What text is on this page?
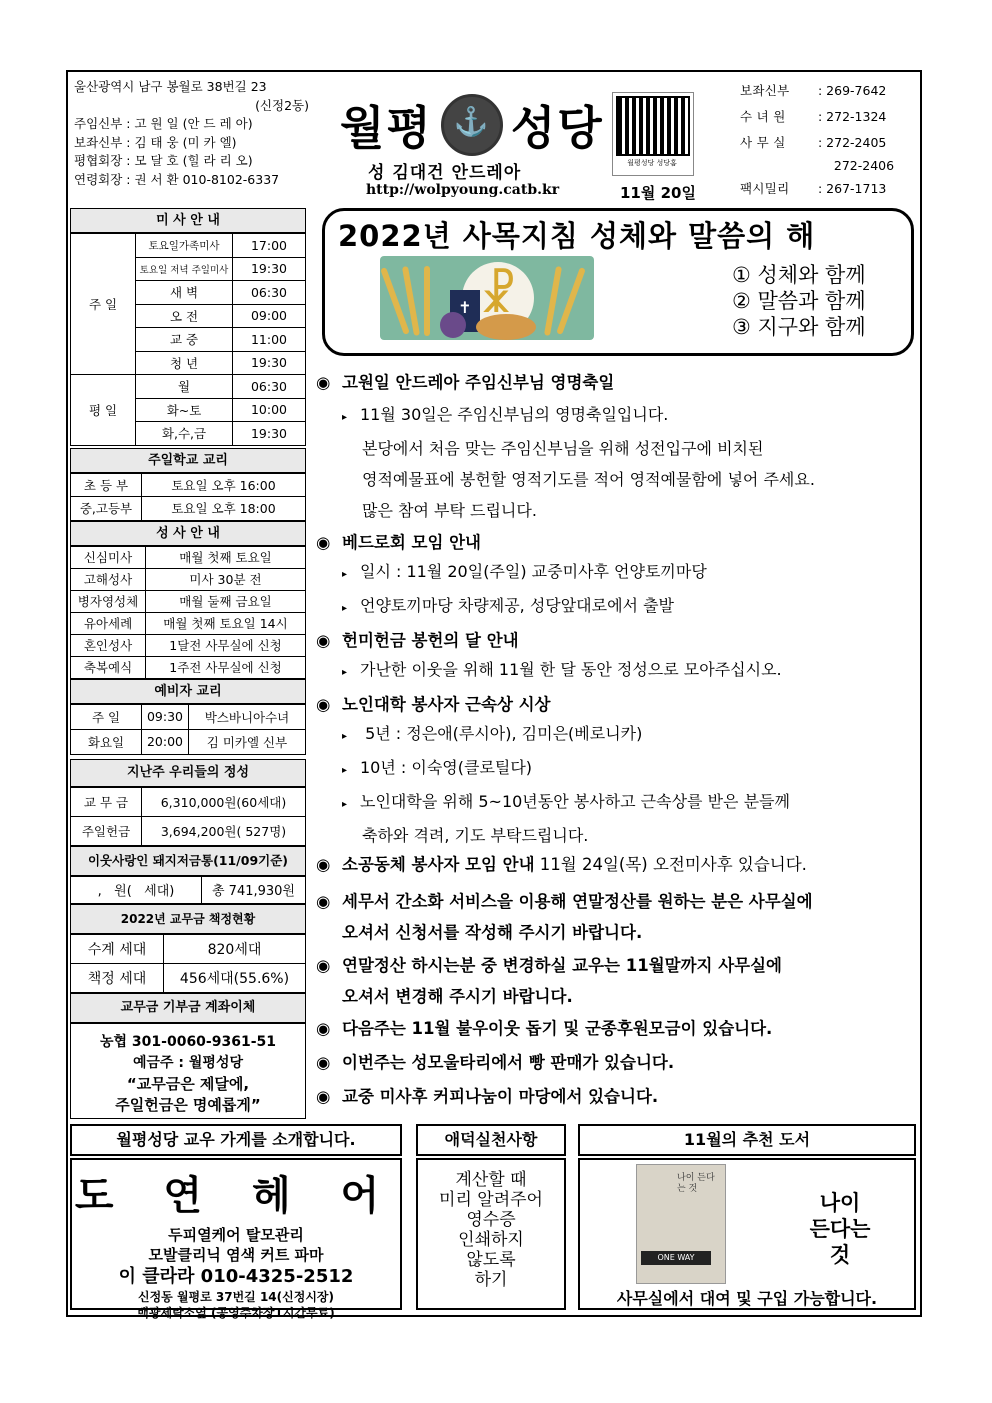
울산광역시 남구 봉월로 38번길 23
(신정2동)
주임신부 : 고 원 일 (안 드 레 아)
보좌신부 : 김 태 웅 (미 카 엘)
평협회장 : 모 달 호 (힐 라 리 오)
연령회장 : 권 서 환 010-8102-6337
월평 ⚓ 성당
성 김대건 안드레아
http://wolpyoung.catb.kr
월평성당 성당홈
11월 20일
보좌신부	: 269-7642
수 녀 원	: 272-1324
사 무 실	: 272-2405
272-2406
팩시밀리	: 267-1713
미 사 안 내
주 일	토요일가족미사	17:00
	토요일 저녁 주일미사	19:30
	새 벽	06:30
	오 전	09:00
	교 중	11:00
	청 년	19:30
평 일	월	06:30
	화~토	10:00
	화,수,금	19:30
주일학교 교리
초 등 부	토요일 오후 16:00
중,고등부	토요일 오후 18:00
성 사 안 내
신심미사	매월 첫째 토요일
고해성사	미사 30분 전
병자영성체	매월 둘째 금요일
유아세례	매월 첫째 토요일 14시
혼인성사	1달전 사무실에 신청
축복예식	1주전 사무실에 신청
예비자 교리
주 일	09:30	박스바니아수녀
화요일	20:00	김 미카엘 신부
지난주 우리들의 정성
교 무 금	6,310,000원(60세대)
주일헌금	3,694,200원( 527명)
이웃사랑인 돼지저금통(11/09기준)
,   원(   세대)	총 741,930원
2022년 교무금 책정현황
수계 세대	820세대
책정 세대	456세대(55.6%)
교무금 기부금 계좌이체
농협 301-0060-9361-51
예금주 : 월평성당
“교무금은 제달에,
주일헌금은 명예롭게”
2022년 사목지침 성체와 말씀의 해
☧
✝
① 성체와 함께
② 말씀과 함께
③ 지구와 함께
◉ 고원일 안드레아 주임신부님 영명축일
▸ 11월 30일은 주임신부님의 영명축일입니다.
본당에서 처음 맞는 주임신부님을 위해 성전입구에 비치된
영적예물표에 봉헌할 영적기도를 적어 영적예물함에 넣어 주세요.
많은 참여 부탁 드립니다.
◉ 베드로회 모임 안내
▸ 일시 : 11월 20일(주일) 교중미사후 언양토끼마당
▸ 언양토끼마당 차량제공, 성당앞대로에서 출발
◉ 헌미헌금 봉헌의 달 안내
▸ 가난한 이웃을 위해 11월 한 달 동안 정성으로 모아주십시오.
◉ 노인대학 봉사자 근속상 시상
▸ 5년 : 정은애(루시아), 김미은(베로니카)
▸ 10년 : 이숙영(클로틸다)
▸ 노인대학을 위해 5~10년동안 봉사하고 근속상를 받은 분들께
축하와 격려, 기도 부탁드립니다.
◉ 소공동체 봉사자 모임 안내 11월 24일(목) 오전미사후 있습니다.
◉ 세무서 간소화 서비스을 이용해 연말정산를 원하는 분은 사무실에
오셔서 신청서를 작성해 주시기 바랍니다.
◉ 연말정산 하시는분 중 변경하실 교우는 11월말까지 사무실에
오셔서 변경해 주시기 바랍니다.
◉ 다음주는 11월 불우이웃 돕기 및 군종후원모금이 있습니다.
◉ 이번주는 성모울타리에서 빵 판매가 있습니다.
◉ 교중 미사후 커피나눔이 마당에서 있습니다.
월평성당 교우 가게를 소개합니다.
도 연 헤 어
두피열케어 탈모관리
모발클리닉 염색 커트 파마
이 클라라 010-4325-2512
신정동 월평로 37번길 14(신정시장)
백광세탁소옆 (공영주차장1시간무료)
애덕실천사항
계산할 때
미리 알려주어
영수증
인쇄하지
않도록
하기
11월의 추천 도서
나이 든다는 것
ONE WAY
나이
든다는
것
사무실에서 대여 및 구입 가능합니다.
